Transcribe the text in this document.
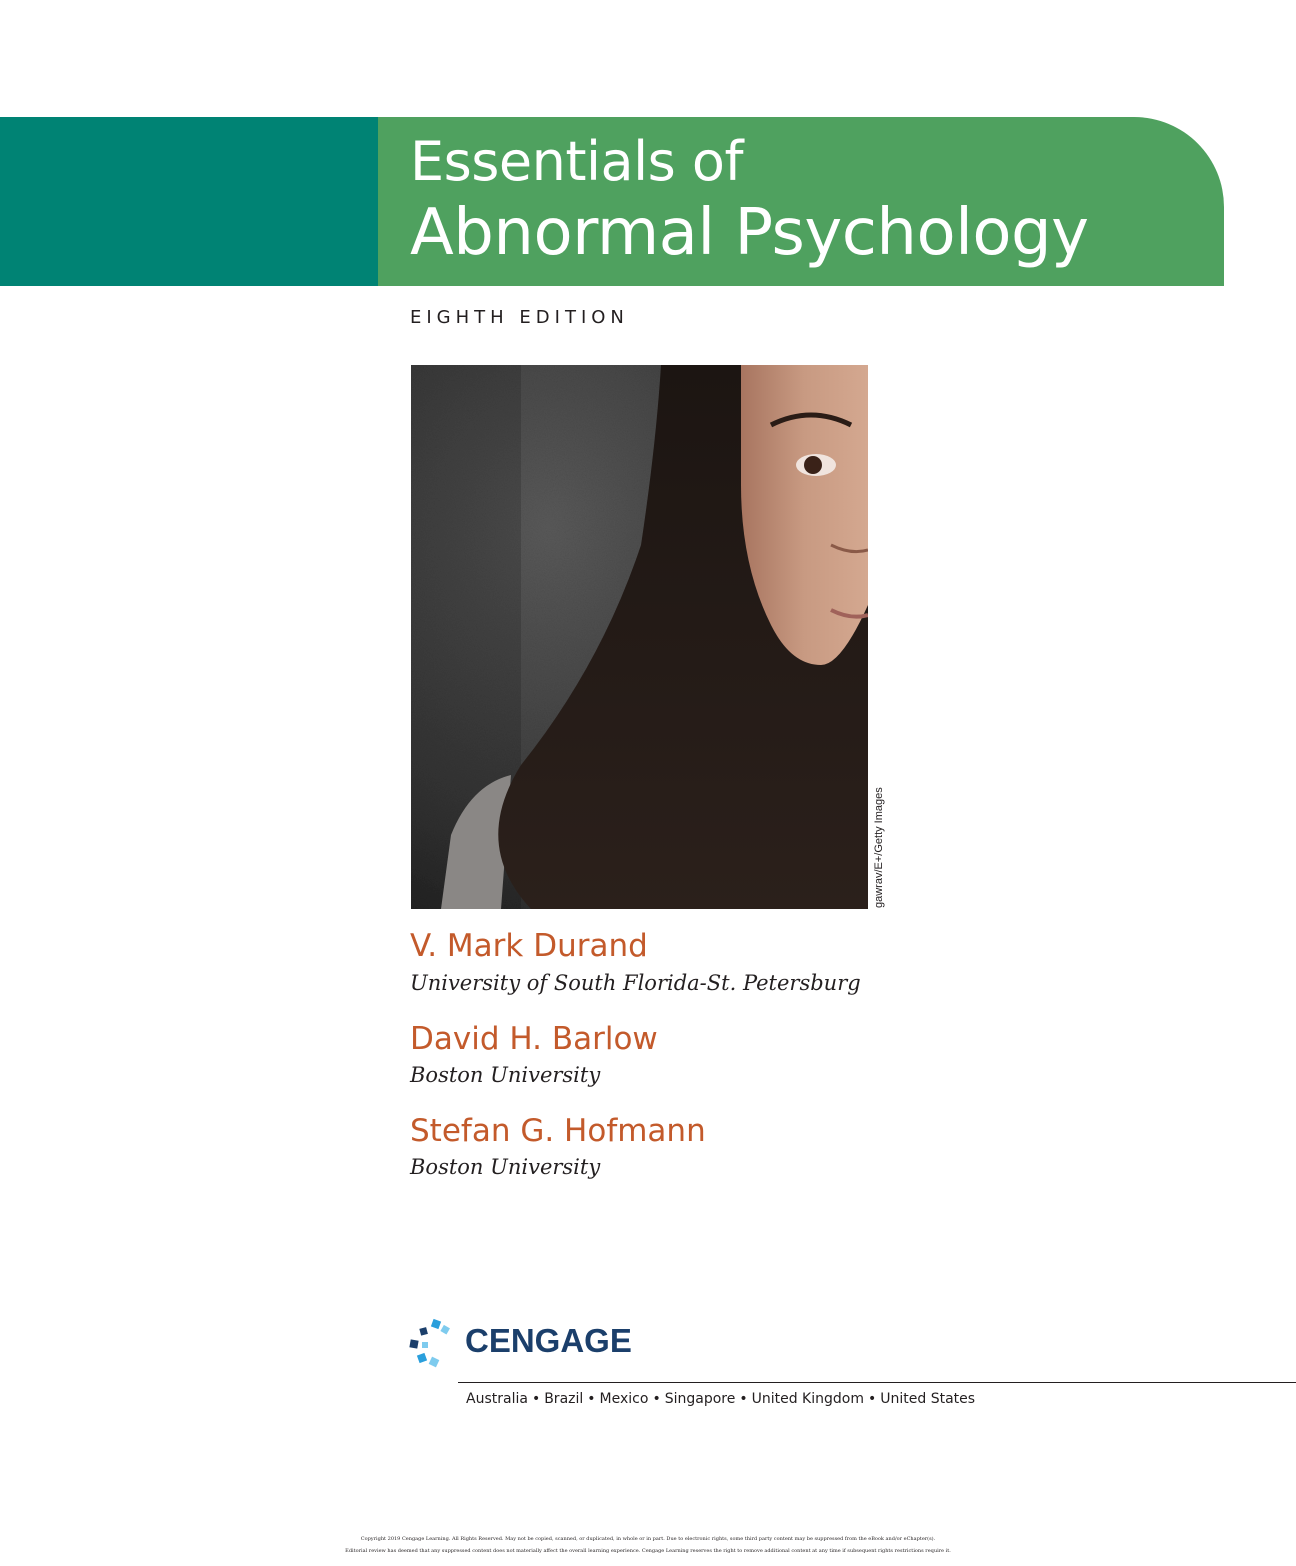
Essentials of
Abnormal Psychology
EIGHTH EDITION
gawrav/E+/Getty Images
V. Mark Durand
University of South Florida-St. Petersburg
David H. Barlow
Boston University
Stefan G. Hofmann
Boston University
CENGAGE
Australia • Brazil • Mexico • Singapore • United Kingdom • United States
Copyright 2019 Cengage Learning. All Rights Reserved. May not be copied, scanned, or duplicated, in whole or in part. Due to electronic rights, some third party content may be suppressed from the eBook and/or eChapter(s).
Editorial review has deemed that any suppressed content does not materially affect the overall learning experience. Cengage Learning reserves the right to remove additional content at any time if subsequent rights restrictions require it.
